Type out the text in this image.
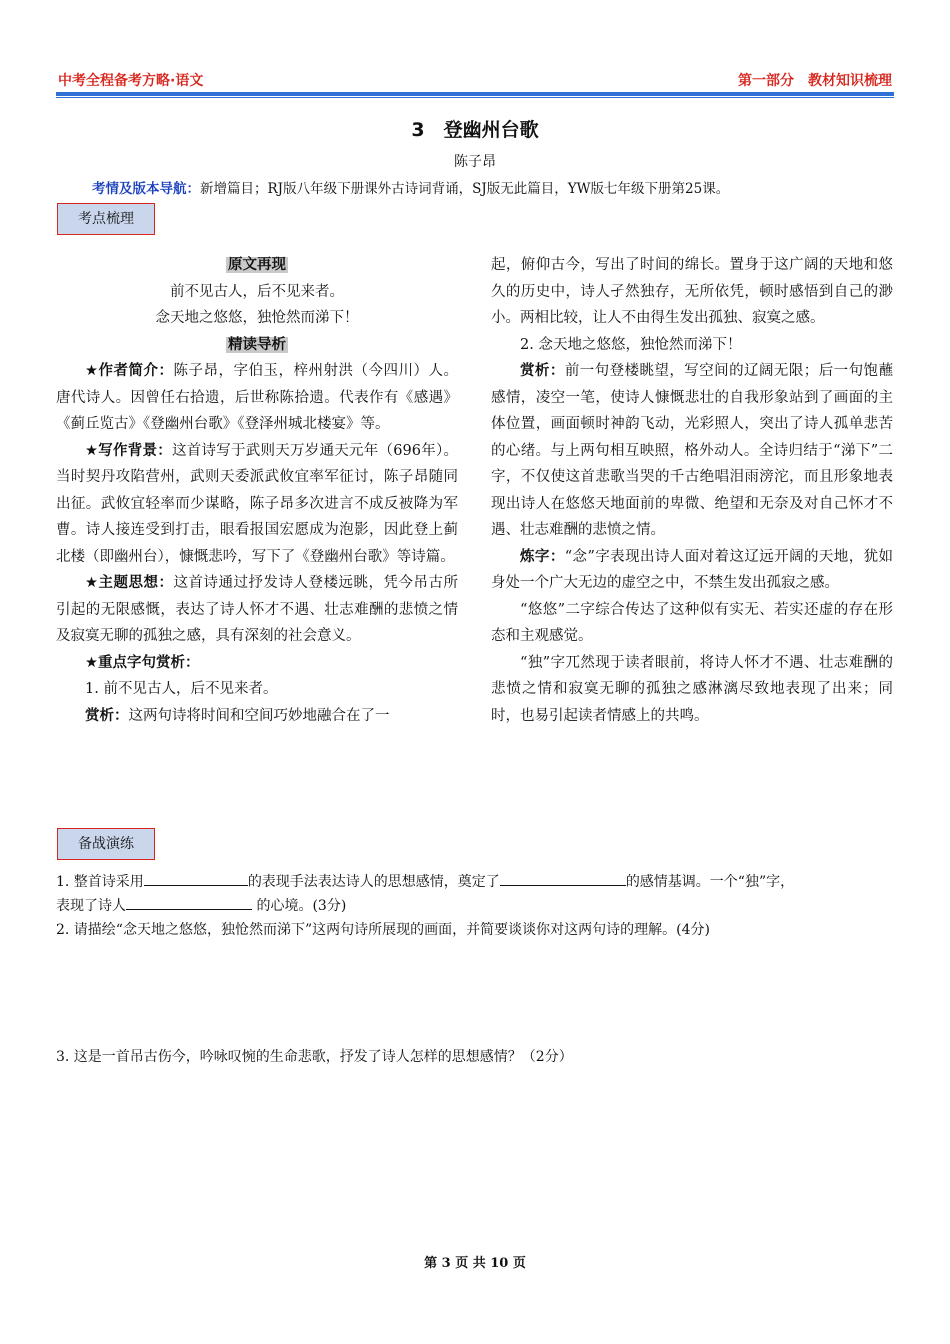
中考全程备考方略·语文	第一部分　教材知识梳理
3　登幽州台歌
陈子昂
考情及版本导航：新增篇目；RJ版八年级下册课外古诗词背诵，SJ版无此篇目，YW版七年级下册第25课。
考点梳理
原文再现
前不见古人，后不见来者。
念天地之悠悠，独怆然而涕下！
精读导析

★作者简介：陈子昂，字伯玉，梓州射洪（今四川）人。唐代诗人。因曾任右拾遗，后世称陈拾遗。代表作有《感遇》《蓟丘览古》《登幽州台歌》《登泽州城北楼宴》等。

★写作背景：这首诗写于武则天万岁通天元年（696年）。当时契丹攻陷营州，武则天委派武攸宜率军征讨，陈子昂随同出征。武攸宜轻率而少谋略，陈子昂多次进言不成反被降为军曹。诗人接连受到打击，眼看报国宏愿成为泡影，因此登上蓟北楼（即幽州台），慷慨悲吟，写下了《登幽州台歌》等诗篇。

★主题思想：这首诗通过抒发诗人登楼远眺，凭今吊古所引起的无限感慨，表达了诗人怀才不遇、壮志难酬的悲愤之情及寂寞无聊的孤独之感，具有深刻的社会意义。

★重点字句赏析：

1. 前不见古人，后不见来者。

赏析：这两句诗将时间和空间巧妙地融合在了一

起，俯仰古今，写出了时间的绵长。置身于这广阔的天地和悠久的历史中，诗人孑然独存，无所依凭，顿时感悟到自己的渺小。两相比较，让人不由得生发出孤独、寂寞之感。

2. 念天地之悠悠，独怆然而涕下！

赏析：前一句登楼眺望，写空间的辽阔无限；后一句饱蘸感情，凌空一笔，使诗人慷慨悲壮的自我形象站到了画面的主体位置，画面顿时神韵飞动，光彩照人，突出了诗人孤单悲苦的心绪。与上两句相互映照，格外动人。全诗归结于“涕下”二字，不仅使这首悲歌当哭的千古绝唱泪雨滂沱，而且形象地表现出诗人在悠悠天地面前的卑微、绝望和无奈及对自己怀才不遇、壮志难酬的悲愤之情。

炼字：“念”字表现出诗人面对着这辽远开阔的天地，犹如身处一个广大无边的虚空之中，不禁生发出孤寂之感。

“悠悠”二字综合传达了这种似有实无、若实还虚的存在形态和主观感觉。

“独”字兀然现于读者眼前，将诗人怀才不遇、壮志难酬的悲愤之情和寂寞无聊的孤独之感淋漓尽致地表现了出来；同时，也易引起读者情感上的共鸣。

备战演练
1. 整首诗采用	的表现手法表达诗人的思想感情，奠定了	的感情基调。一个“独”字，
表现了诗人	的心境。(3分)
2. 请描绘“念天地之悠悠，独怆然而涕下”这两句诗所展现的画面，并简要谈谈你对这两句诗的理解。(4分)
3. 这是一首吊古伤今，吟咏叹惋的生命悲歌，抒发了诗人怎样的思想感情？（2分）
第 3 页 共 10 页
